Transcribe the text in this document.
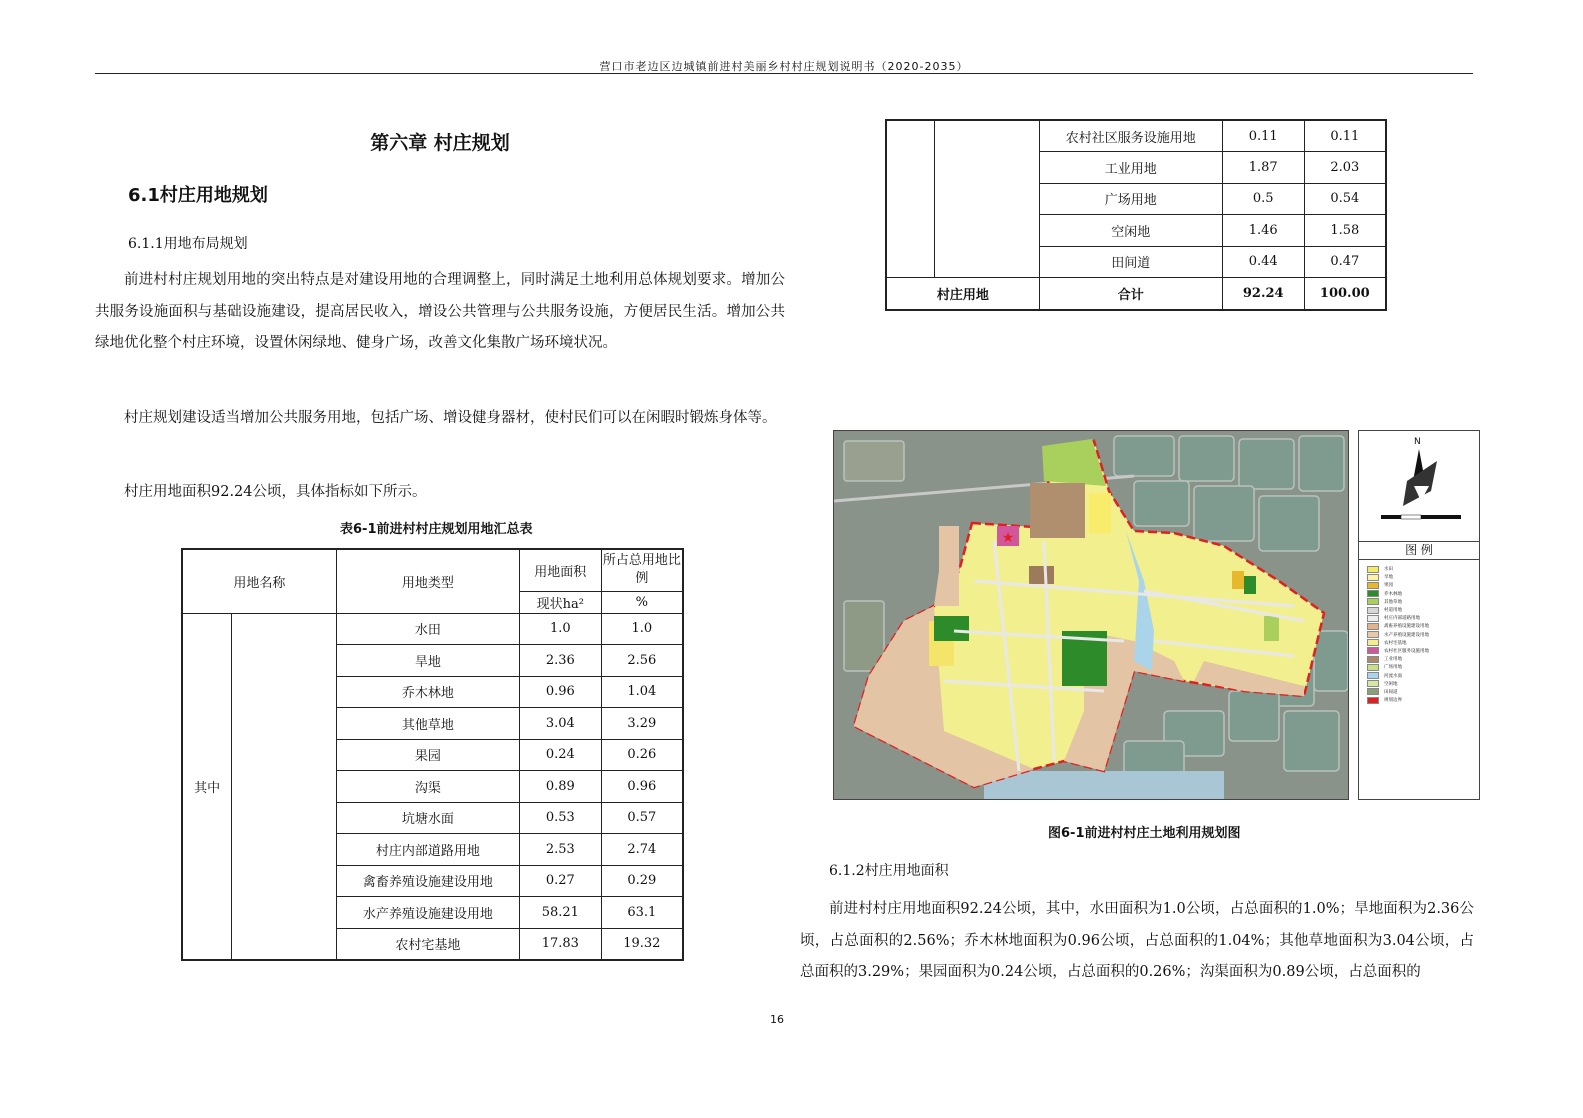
营口市老边区边城镇前进村美丽乡村村庄规划说明书（2020-2035）
第六章 村庄规划
6.1村庄用地规划
6.1.1用地布局规划

前进村村庄规划用地的突出特点是对建设用地的合理调整上，同时满足土地利用总体规划要求。增加公共服务设施面积与基础设施建设，提高居民收入，增设公共管理与公共服务设施，方便居民生活。增加公共绿地优化整个村庄环境，设置休闲绿地、健身广场，改善文化集散广场环境状况。

村庄规划建设适当增加公共服务用地，包括广场、增设健身器材，使村民们可以在闲暇时锻炼身体等。

村庄用地面积92.24公顷，具体指标如下所示。

表6-1前进村村庄规划用地汇总表
用地名称		用地类型	用地面积	所占总用地比例
			现状ha²	%
其中		水田	1.0	1.0
		旱地	2.36	2.56
		乔木林地	0.96	1.04
		其他草地	3.04	3.29
		果园	0.24	0.26
		沟渠	0.89	0.96
		坑塘水面	0.53	0.57
		村庄内部道路用地	2.53	2.74
		禽畜养殖设施建设用地	0.27	0.29
		水产养殖设施建设用地	58.21	63.1
		农村宅基地	17.83	19.32
		农村社区服务设施用地	0.11	0.11
		工业用地	1.87	2.03
		广场用地	0.5	0.54
		空闲地	1.46	1.58
		田间道	0.44	0.47
村庄用地		合计	92.24	100.00
★
N
图 例
水田
旱地
果园
乔木林地
其他草地
村道用地
村庄内部道路用地
禽畜养殖设施建设用地
水产养殖设施建设用地
农村宅基地
农村社区服务设施用地
工业用地
广场用地
河流水面
空闲地
田间道
规划边界
图6-1前进村村庄土地利用规划图
6.1.2村庄用地面积

前进村村庄用地面积92.24公顷，其中，水田面积为1.0公顷，占总面积的1.0%；旱地面积为2.36公顷，占总面积的2.56%；乔木林地面积为0.96公顷，占总面积的1.04%；其他草地面积为3.04公顷，占总面积的3.29%；果园面积为0.24公顷，占总面积的0.26%；沟渠面积为0.89公顷，占总面积的

16
